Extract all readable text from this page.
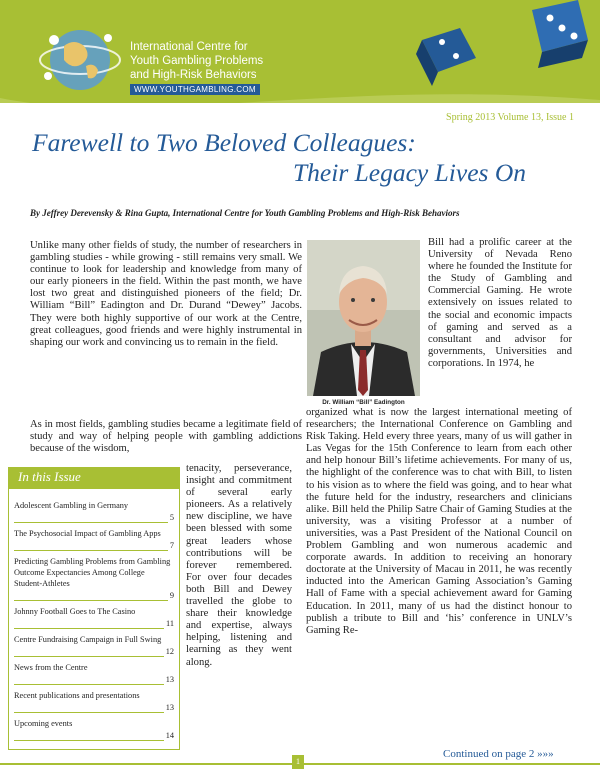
International Centre for
Youth Gambling Problems
and High-Risk Behaviors
WWW.YOUTHGAMBLING.COM
Spring 2013 Volume 13, Issue 1
Farewell to Two Beloved Colleagues:
Their Legacy Lives On
By Jeffrey Derevensky & Rina Gupta, International Centre for Youth Gambling Problems and High-Risk Behaviors
Unlike many other fields of study, the number of researchers in gambling studies - while growing - still remains very small. We continue to look for leadership and knowledge from many of our early pioneers in the field. Within the past month, we have lost two great and distinguished pioneers of the field; Dr. William “Bill” Eadington and Dr. Durand “Dewey” Jacobs. They were both highly supportive of our work at the Centre, great colleagues, good friends and were highly instrumental in shaping our work and convincing us to remain in the field.
As in most fields, gambling studies became a legitimate field of study and way of helping people with gambling addictions because of the wisdom,
tenacity, perseverance, insight and commitment of several early pioneers. As a relatively new discipline, we have been blessed with some great leaders whose contributions will be forever remembered. For over four decades both Bill and Dewey travelled the globe to share their knowledge and expertise, always helping, listening and learning as they went along.
Bill had a prolific career at the University of Nevada Reno where he founded the Institute for the Study of Gambling and Commercial Gaming. He wrote extensively on issues related to the social and economic impacts of gaming and served as a consultant and advisor for governments, Universities and corporations. In 1974, he
organized what is now the largest international meeting of researchers; the International Conference on Gambling and Risk Taking. Held every three years, many of us will gather in Las Vegas for the 15th Conference to learn from each other and help honour Bill’s lifetime achievements. For many of us, the highlight of the conference was to chat with Bill, to listen to his vision as to where the field was going, and to hear what the future held for the industry, researchers and clinicians alike. Bill held the Philip Satre Chair of Gaming Studies at the university, was a visiting Professor at a number of universities, was a Past President of the National Council on Problem Gambling and won numerous academic and corporate awards. In addition to receiving an honorary doctorate at the University of Macau in 2011, he was recently inducted into the American Gaming Association’s Gaming Hall of Fame with a special achievement award for Gaming Education. In 2011, many of us had the distinct honour to publish a tribute to Bill and ‘his’ conference in UNLV’s Gaming Re-
Dr. William “Bill” Eadington
In this Issue
Adolescent Gambling in Germany

5
The Psychosocial Impact of Gambling Apps

7
Predicting Gambling Problems from Gambling Outcome Expectancies Among College Student-Athletes

9
Johnny Football Goes to The Casino

11
Centre Fundraising Campaign in Full Swing

12
News from the Centre

13
Recent publications and presentations

13
Upcoming events

14
Continued on page 2 »»»
1
